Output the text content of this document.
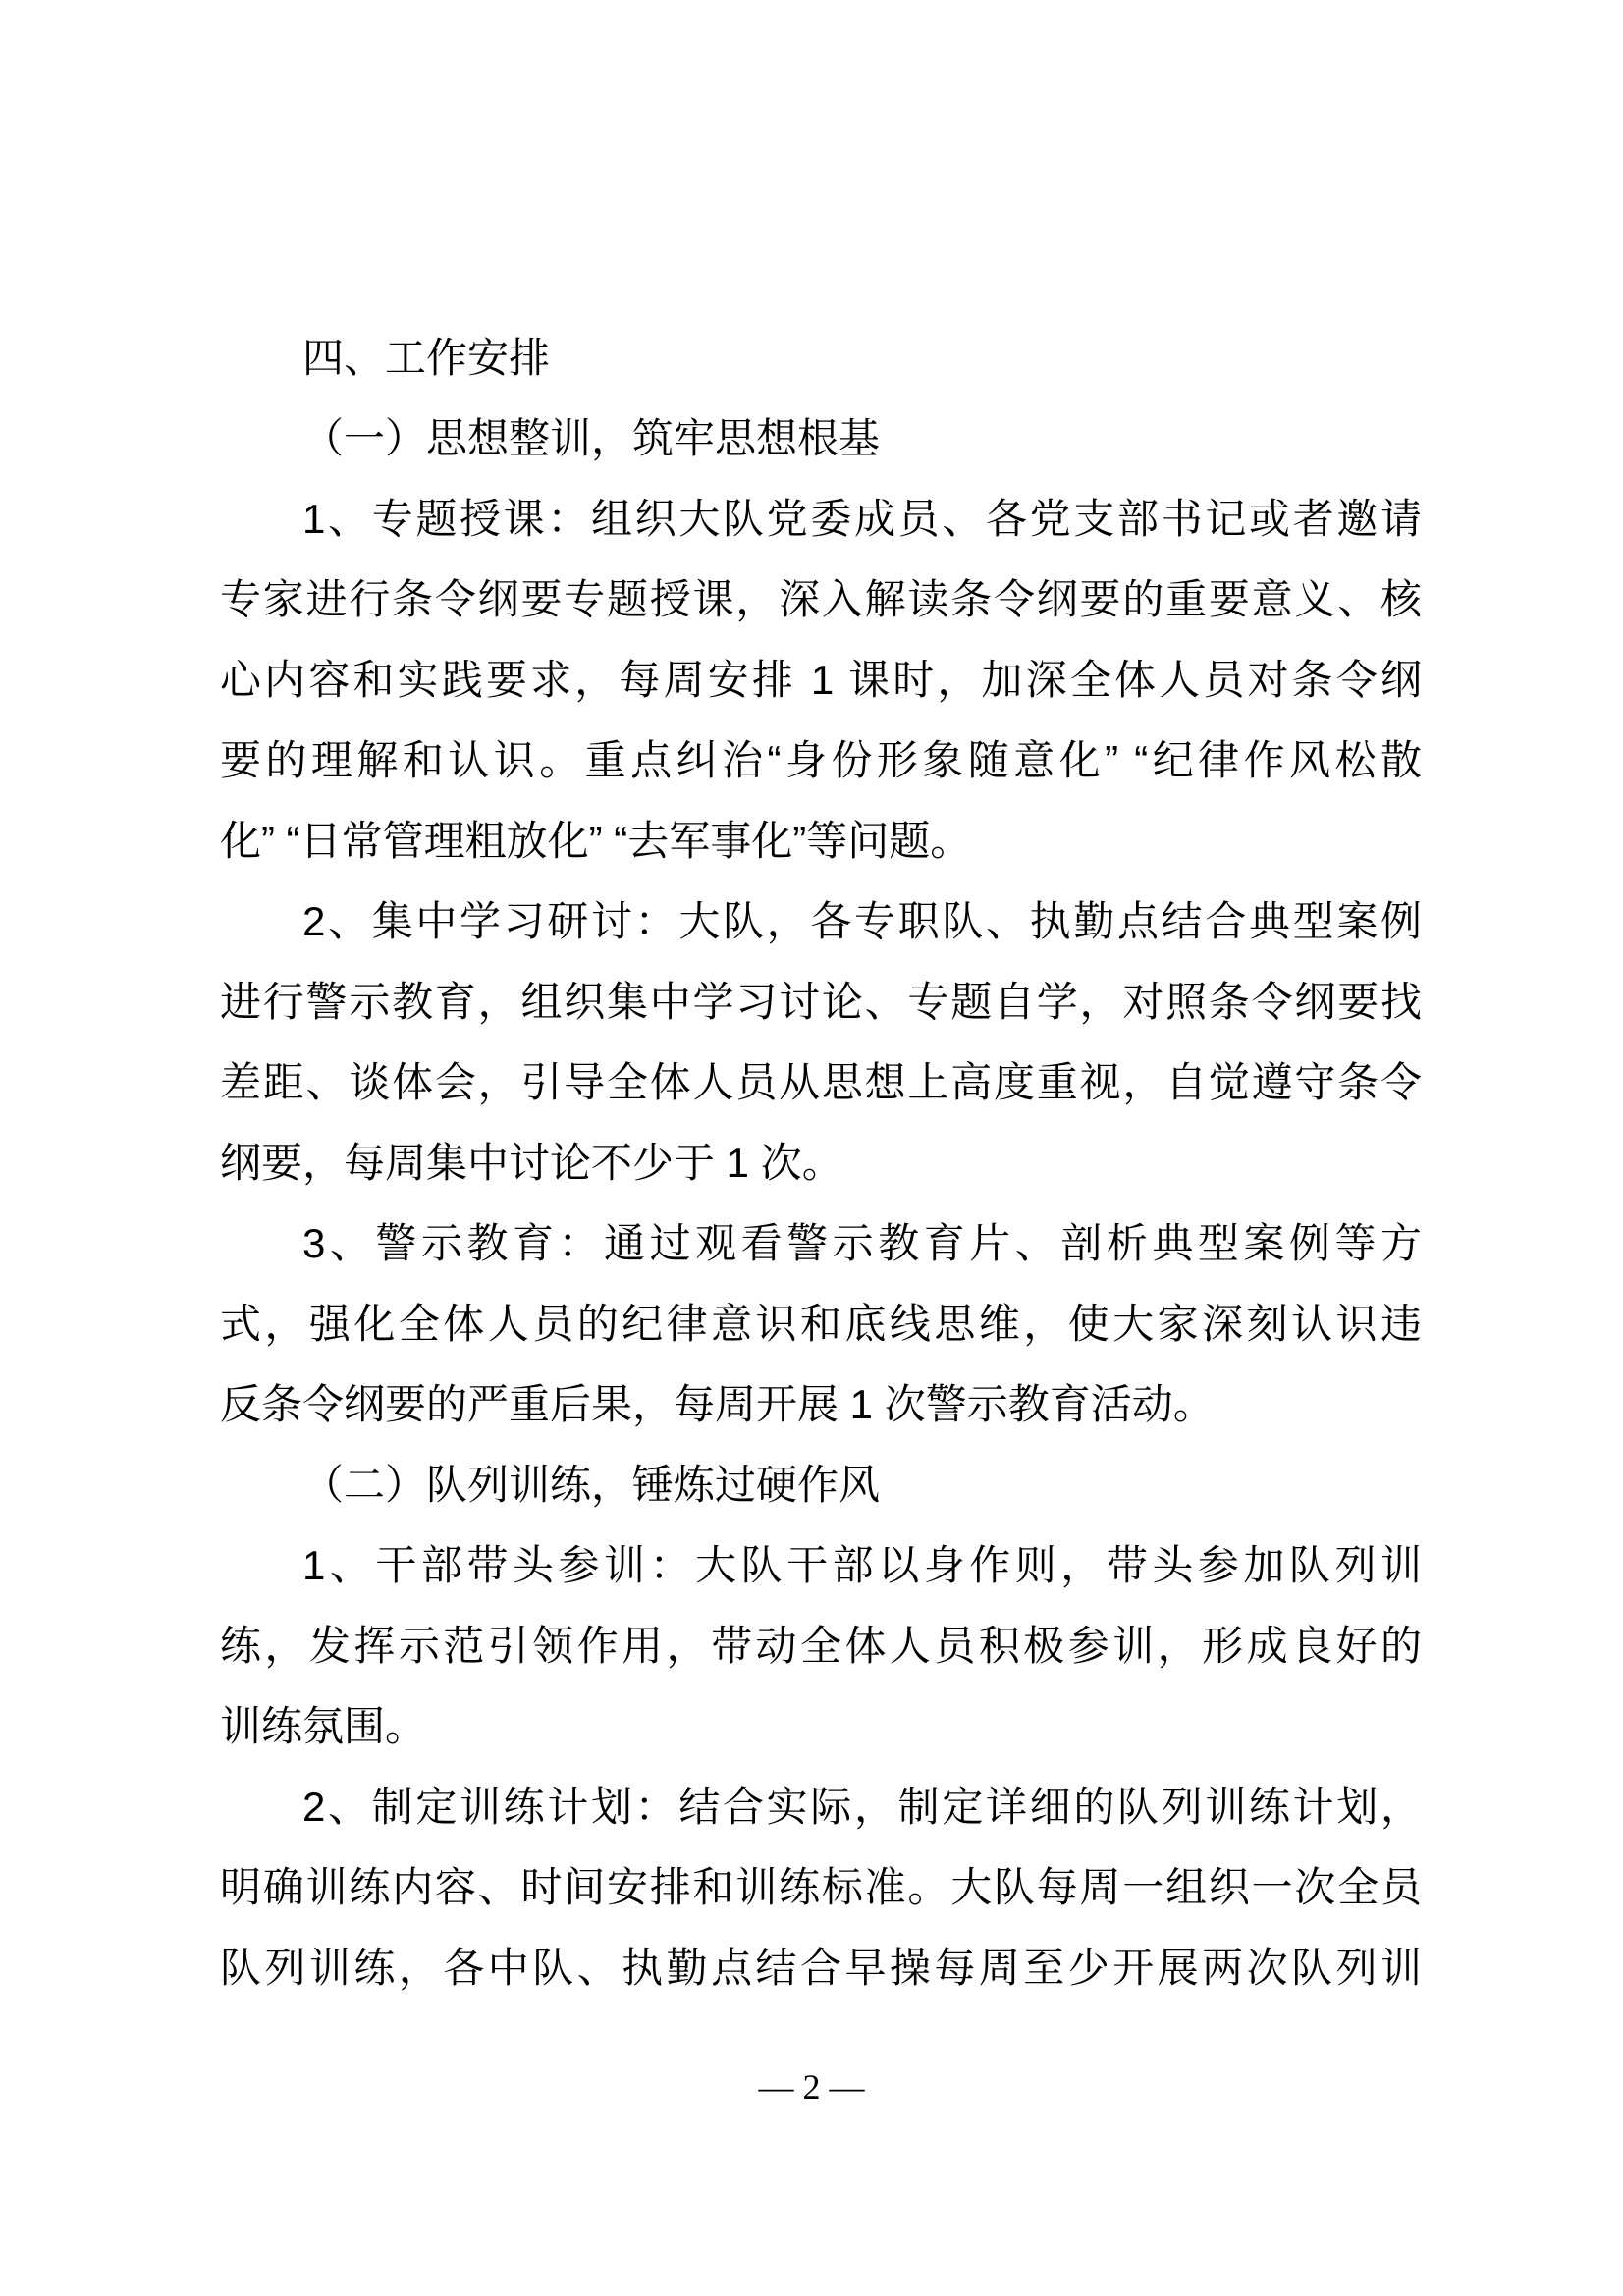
四、工作安排
（一）思想整训，筑牢思想根基
1、专题授课：组织大队党委成员、各党支部书记或者邀请
专家进行条令纲要专题授课，深入解读条令纲要的重要意义、核
心内容和实践要求，每周安排 1 课时，加深全体人员对条令纲
要的理解和认识。重点纠治“身份形象随意化” “纪律作风松散
化” “日常管理粗放化” “去军事化”等问题。
2、集中学习研讨：大队，各专职队、执勤点结合典型案例
进行警示教育，组织集中学习讨论、专题自学，对照条令纲要找
差距、谈体会，引导全体人员从思想上高度重视，自觉遵守条令
纲要，每周集中讨论不少于 1 次。
3、警示教育：通过观看警示教育片、剖析典型案例等方
式，强化全体人员的纪律意识和底线思维，使大家深刻认识违
反条令纲要的严重后果，每周开展 1 次警示教育活动。
（二）队列训练，锤炼过硬作风
1、干部带头参训：大队干部以身作则，带头参加队列训
练，发挥示范引领作用，带动全体人员积极参训，形成良好的
训练氛围。
2、制定训练计划：结合实际，制定详细的队列训练计划，
明确训练内容、时间安排和训练标准。大队每周一组织一次全员
队列训练，各中队、执勤点结合早操每周至少开展两次队列训
— 2 —
